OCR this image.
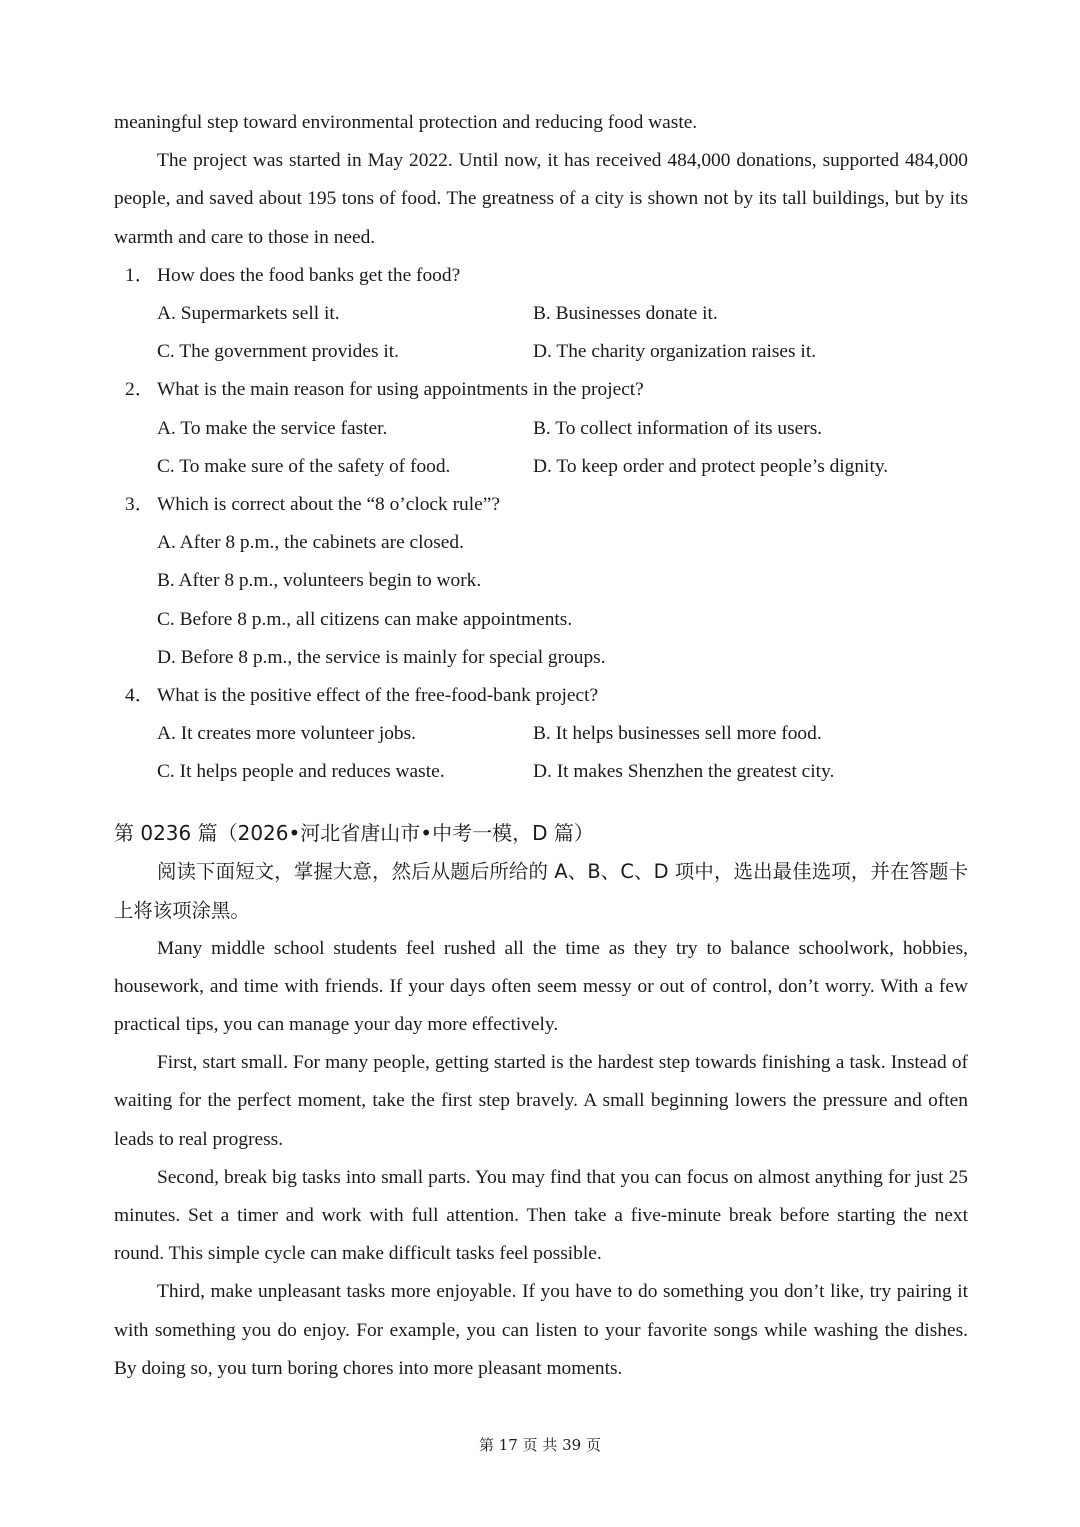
meaningful step toward environmental protection and reducing food waste.

The project was started in May 2022. Until now, it has received 484,000 donations, supported 484,000 people, and saved about 195 tons of food. The greatness of a city is shown not by its tall buildings, but by its warmth and care to those in need.

1． How does the food banks get the food?
A. Supermarkets sell it.	B. Businesses donate it.
C. The government provides it.	D. The charity organization raises it.
2． What is the main reason for using appointments in the project?
A. To make the service faster.	B. To collect information of its users.
C. To make sure of the safety of food.	D. To keep order and protect people’s dignity.
3． Which is correct about the “8 o’clock rule”?
A. After 8 p.m., the cabinets are closed.
B. After 8 p.m., volunteers begin to work.
C. Before 8 p.m., all citizens can make appointments.
D. Before 8 p.m., the service is mainly for special groups.
4． What is the positive effect of the free-food-bank project?
A. It creates more volunteer jobs.	B. It helps businesses sell more food.
C. It helps people and reduces waste.	D. It makes Shenzhen the greatest city.
第 0236 篇（2026•河北省唐山市•中考一模，D 篇）

阅读下面短文，掌握大意，然后从题后所给的 A、B、C、D 项中，选出最佳选项，并在答题卡上将该项涂黑。

Many middle school students feel rushed all the time as they try to balance schoolwork, hobbies, housework, and time with friends. If your days often seem messy or out of control, don’t worry. With a few practical tips, you can manage your day more effectively.

First, start small. For many people, getting started is the hardest step towards finishing a task. Instead of waiting for the perfect moment, take the first step bravely. A small beginning lowers the pressure and often leads to real progress.

Second, break big tasks into small parts. You may find that you can focus on almost anything for just 25 minutes. Set a timer and work with full attention. Then take a five-minute break before starting the next round. This simple cycle can make difficult tasks feel possible.

Third, make unpleasant tasks more enjoyable. If you have to do something you don’t like, try pairing it with something you do enjoy. For example, you can listen to your favorite songs while washing the dishes. By doing so, you turn boring chores into more pleasant moments.

第 17 页 共 39 页
